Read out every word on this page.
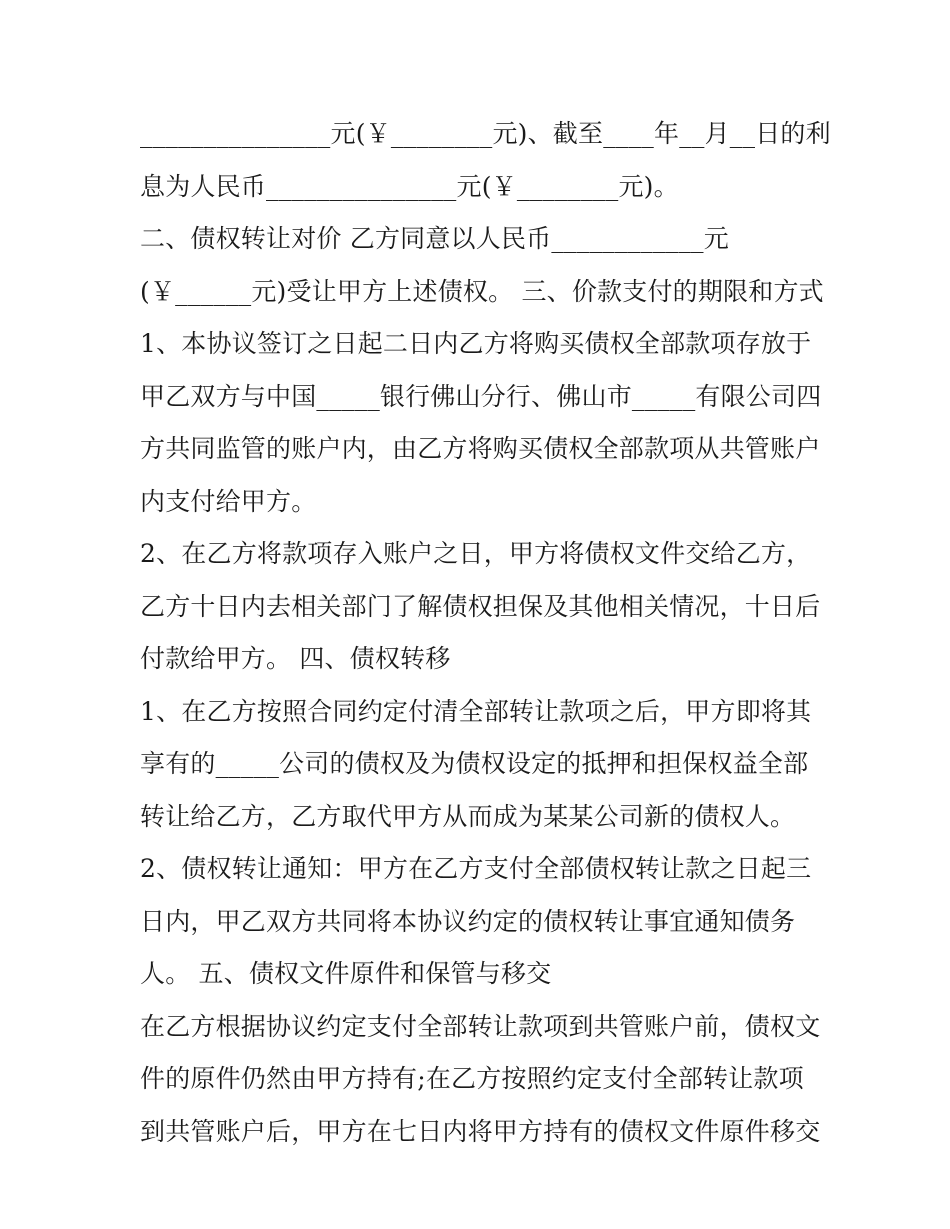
_______________元(￥________元)、截至____年__月__日的利
息为人民币_______________元(￥________元)。
二、债权转让对价 乙方同意以人民币____________元
(￥______元)受让甲方上述债权。 三、价款支付的期限和方式
1、本协议签订之日起二日内乙方将购买债权全部款项存放于
甲乙双方与中国_____银行佛山分行、佛山市_____有限公司四
方共同监管的账户内，由乙方将购买债权全部款项从共管账户
内支付给甲方。
2、在乙方将款项存入账户之日，甲方将债权文件交给乙方，
乙方十日内去相关部门了解债权担保及其他相关情况，十日后
付款给甲方。 四、债权转移
1、在乙方按照合同约定付清全部转让款项之后，甲方即将其
享有的_____公司的债权及为债权设定的抵押和担保权益全部
转让给乙方，乙方取代甲方从而成为某某公司新的债权人。
2、债权转让通知：甲方在乙方支付全部债权转让款之日起三
日内，甲乙双方共同将本协议约定的债权转让事宜通知债务
人。 五、债权文件原件和保管与移交
在乙方根据协议约定支付全部转让款项到共管账户前，债权文
件的原件仍然由甲方持有;在乙方按照约定支付全部转让款项
到共管账户后，甲方在七日内将甲方持有的债权文件原件移交
